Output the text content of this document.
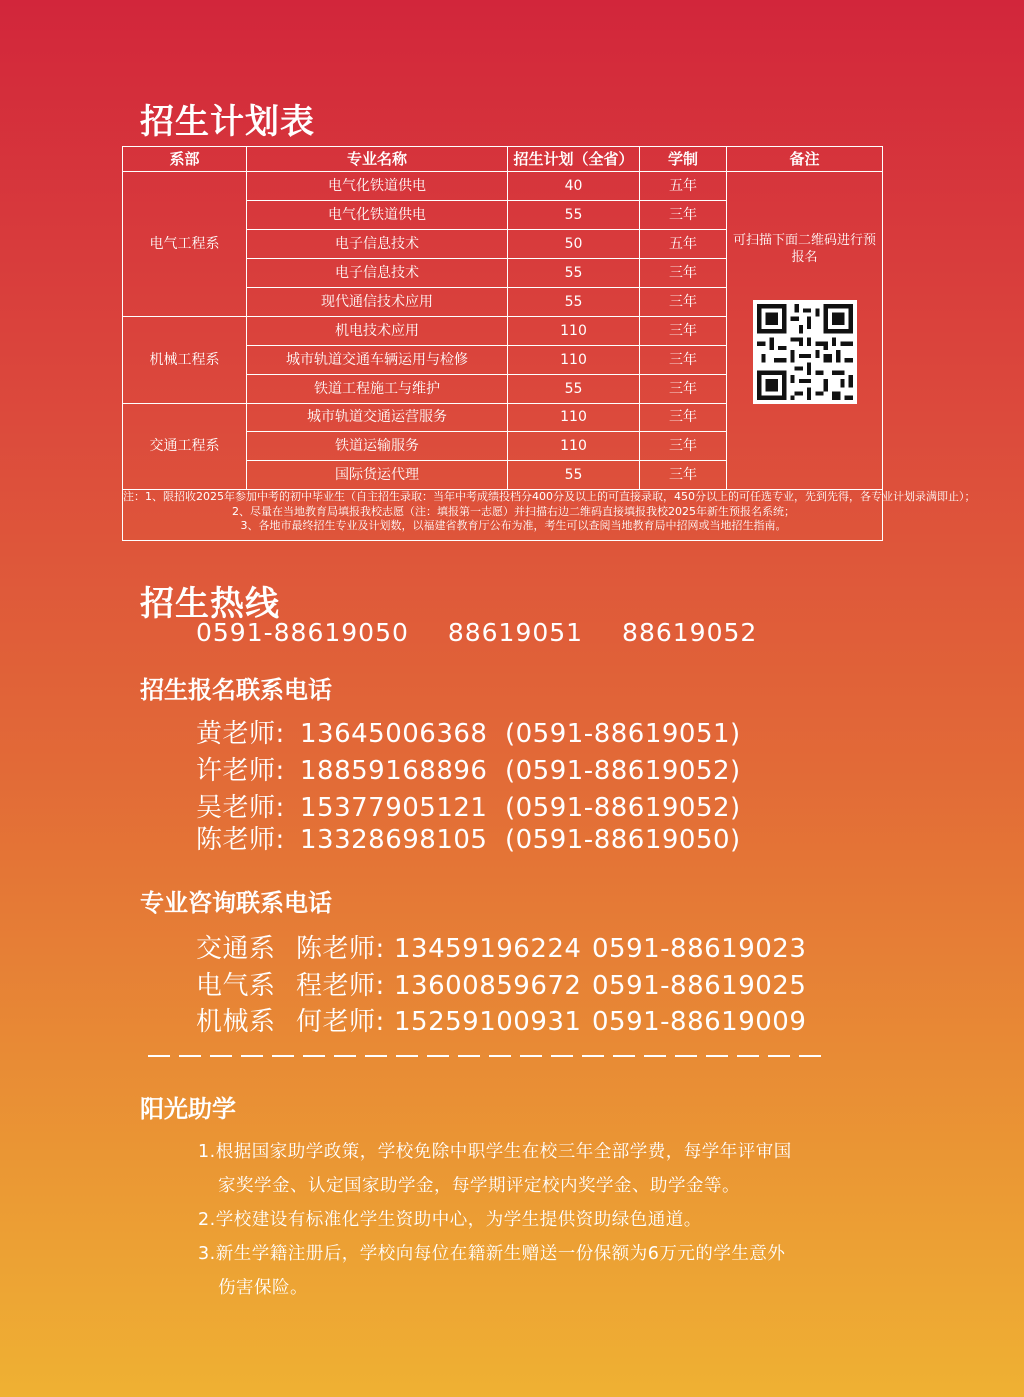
招生计划表
系部	专业名称	招生计划（全省）	学制	备注
电气工程系	电气化铁道供电	40	五年	可扫描下面二维码进行预报名

	电气化铁道供电	55	三年	
	电子信息技术	50	五年	
	电子信息技术	55	三年	
	现代通信技术应用	55	三年	
机械工程系	机电技术应用	110	三年	
	城市轨道交通车辆运用与检修	110	三年	
	铁道工程施工与维护	55	三年	
交通工程系	城市轨道交通运营服务	110	三年	
	铁道运输服务	110	三年	
	国际货运代理	55	三年	

注：1、限招收2025年参加中考的初中毕业生（自主招生录取：当年中考成绩投档分400分及以上的可直接录取，450分以上的可任选专业，先到先得，各专业计划录满即止）；
2、尽量在当地教育局填报我校志愿（注：填报第一志愿）并扫描右边二维码直接填报我校2025年新生预报名系统；
3、各地市最终招生专业及计划数，以福建省教育厅公布为准，考生可以查阅当地教育局中招网或当地招生指南。				
招生热线
0591-88619050 88619051 88619052
招生报名联系电话
黄老师: 13645006368 (0591-88619051)
许老师: 18859168896 (0591-88619052)
吴老师: 15377905121 (0591-88619052)
陈老师: 13328698105 (0591-88619050)
专业咨询联系电话
交通系 陈老师: 13459196224 0591-88619023
电气系 程老师: 13600859672 0591-88619025
机械系 何老师: 15259100931 0591-88619009
阳光助学
1.根据国家助学政策，学校免除中职学生在校三年全部学费，每学年评审国
家奖学金、认定国家助学金，每学期评定校内奖学金、助学金等。
2.学校建设有标准化学生资助中心，为学生提供资助绿色通道。
3.新生学籍注册后，学校向每位在籍新生赠送一份保额为6万元的学生意外
伤害保险。
